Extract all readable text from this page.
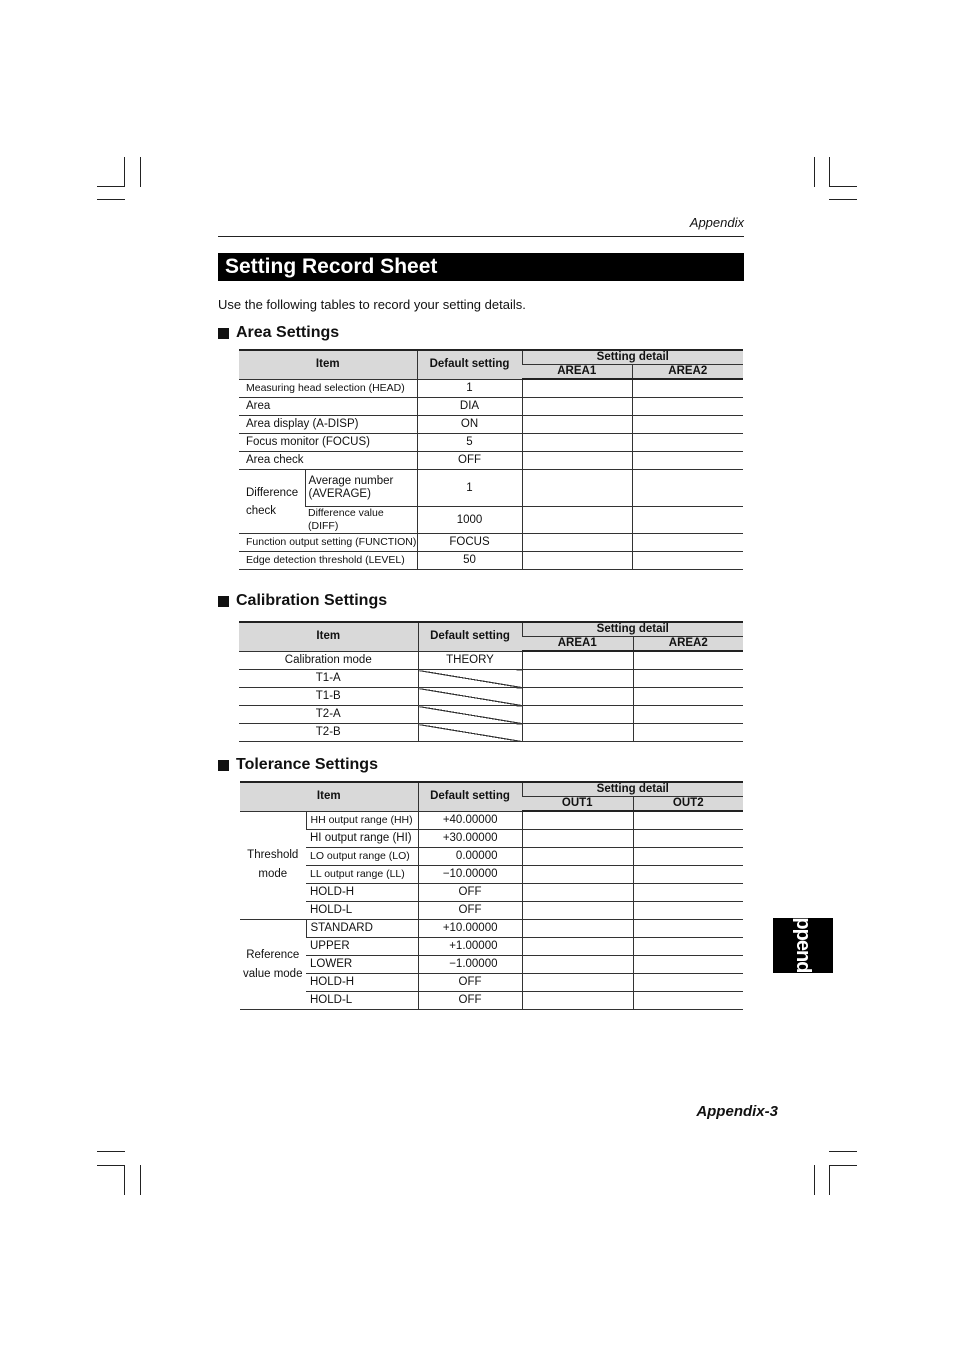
Appendix
Setting Record Sheet
Use the following tables to record your setting details.
Area Settings
Item		Default setting	Setting detail	
			AREA1	AREA2
Measuring head selection (HEAD)		1		
Area		DIA		
Area display (A-DISP)		ON		
Focus monitor (FOCUS)		5		
Area check		OFF		
Difference check	Average number (AVERAGE)	1		
	Difference value (DIFF)	1000		
Function output setting (FUNCTION)		FOCUS		
Edge detection threshold (LEVEL)		50		
Calibration Settings
Item	Default setting	Setting detail	
		AREA1	AREA2
Calibration mode	THEORY		
T1-A			
T1-B			
T2-A			
T2-B			
Tolerance Settings
Item		Default setting	Setting detail	
			OUT1	OUT2
Threshold mode	HH output range (HH)	+40.00000		
	HI output range (HI)	+30.00000		
	LO output range (LO)	0.00000		
	LL output range (LL)	−10.00000		
	HOLD-H	OFF		
	HOLD-L	OFF		
Reference value mode	STANDARD	+10.00000		
	UPPER	+1.00000		
	LOWER	−1.00000		
	HOLD-H	OFF		
	HOLD-L	OFF		
Appendix
Appendix-3
